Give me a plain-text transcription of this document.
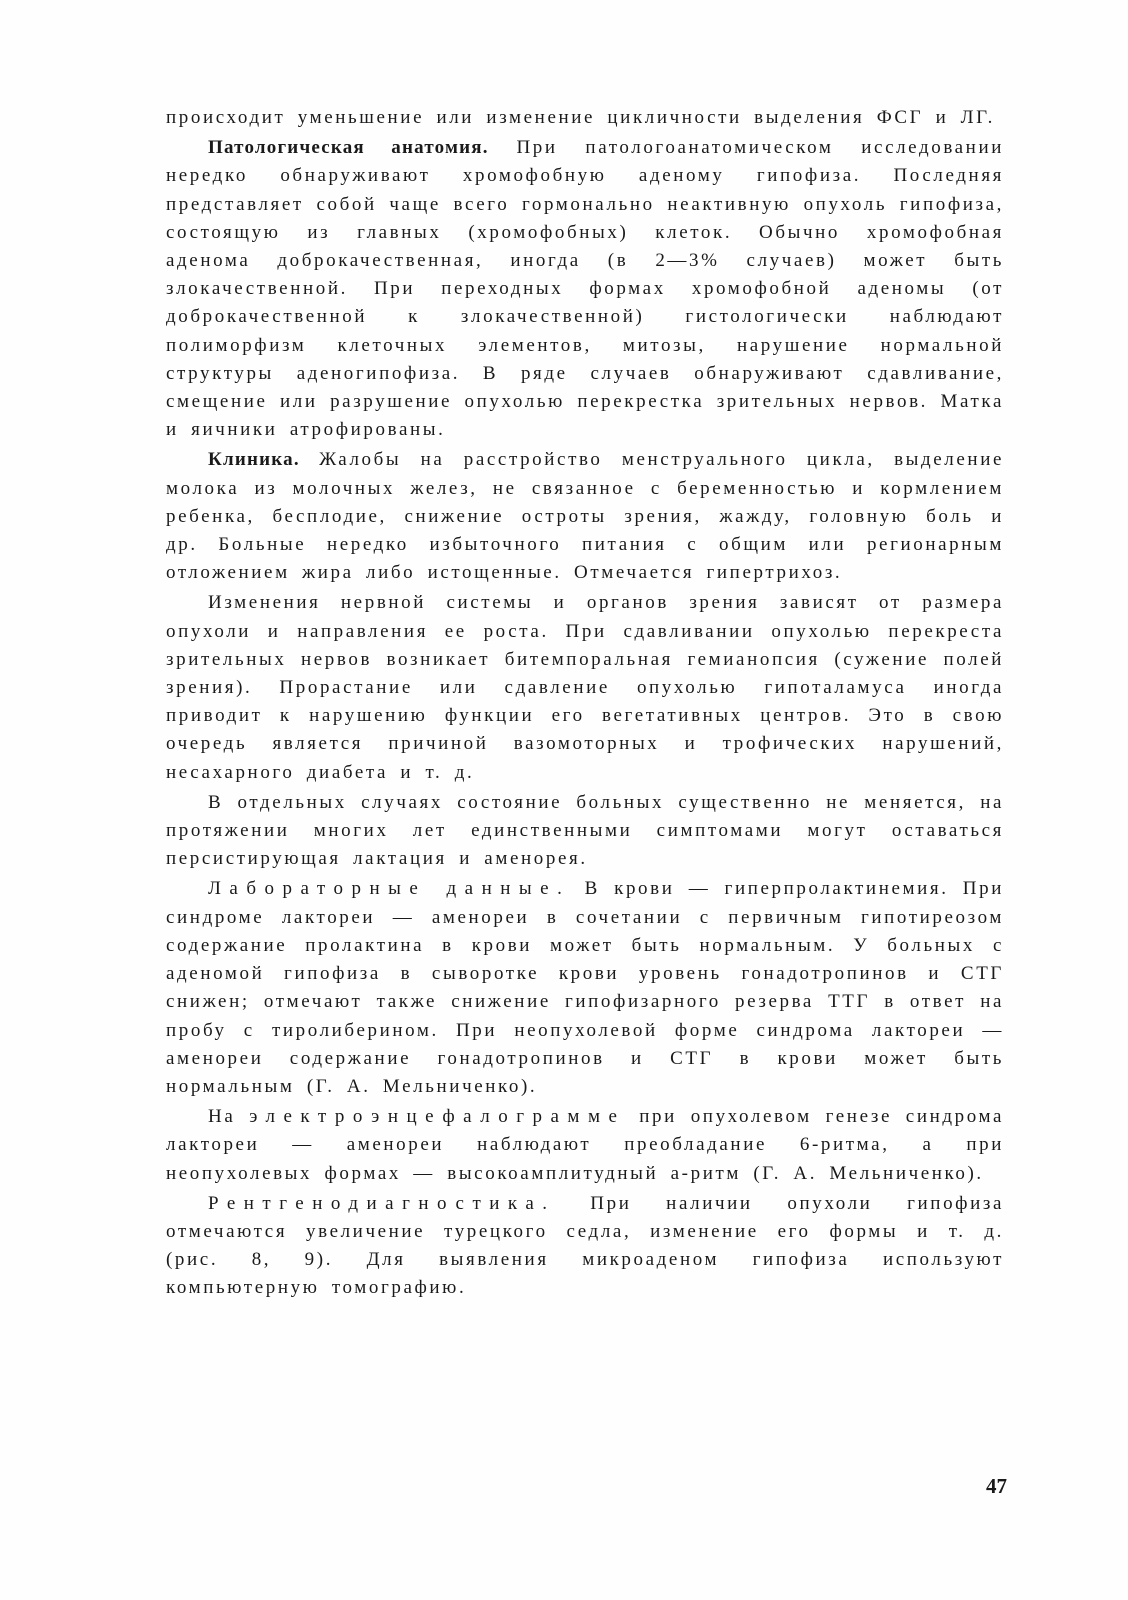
происходит уменьшение или изменение цикличности выделения ФСГ и ЛГ.

Патологическая анатомия. При патологоанатомическом исследовании нередко обнаруживают хромофобную аденому гипофиза. Последняя представляет собой чаще всего гормонально неактивную опухоль гипофиза, состоящую из главных (хромофобных) клеток. Обычно хромофобная аденома доброкачественная, иногда (в 2—3% случаев) может быть злокачественной. При переходных формах хромофобной аденомы (от доброкачественной к злокачественной) гистологически наблюдают полиморфизм клеточных элементов, митозы, нарушение нормальной структуры аденогипофиза. В ряде случаев обнаруживают сдавливание, смещение или разрушение опухолью перекрестка зрительных нервов. Матка и яичники атрофированы.

Клиника. Жалобы на расстройство менструального цикла, выделение молока из молочных желез, не связанное с беременностью и кормлением ребенка, бесплодие, снижение остроты зрения, жажду, головную боль и др. Больные нередко избыточного питания с общим или регионарным отложением жира либо истощенные. Отмечается гипертрихоз.

Изменения нервной системы и органов зрения зависят от размера опухоли и направления ее роста. При сдавливании опухолью перекреста зрительных нервов возникает битемпоральная гемианопсия (сужение полей зрения). Прорастание или сдавление опухолью гипоталамуса иногда приводит к нарушению функции его вегетативных центров. Это в свою очередь является причиной вазомоторных и трофических нарушений, несахарного диабета и т. д.

В отдельных случаях состояние больных существенно не меняется, на протяжении многих лет единственными симптомами могут оставаться персистирующая лактация и аменорея.

Лабораторные данные. В крови — гиперпролактинемия. При синдроме лактореи — аменореи в сочетании с первичным гипотиреозом содержание пролактина в крови может быть нормальным. У больных с аденомой гипофиза в сыворотке крови уровень гонадотропинов и СТГ снижен; отмечают также снижение гипофизарного резерва ТТГ в ответ на пробу с тиролиберином. При неопухолевой форме синдрома лактореи — аменореи содержание гонадотропинов и СТГ в крови может быть нормальным (Г. А. Мельниченко).

На электроэнцефалограмме при опухолевом генезе синдрома лактореи — аменореи наблюдают преобладание 6-ритма, а при неопухолевых формах — высокоамплитудный а-ритм (Г. А. Мельниченко).

Рентгенодиагностика. При наличии опухоли гипофиза отмечаются увеличение турецкого седла, изменение его формы и т. д. (рис. 8, 9). Для выявления микроаденом гипофиза используют компьютерную томографию.

47
